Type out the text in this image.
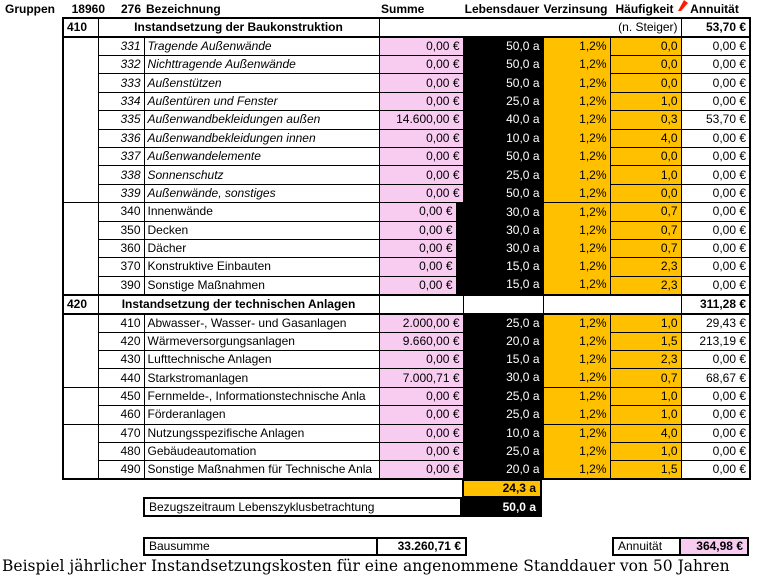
Gruppen	18960	276 Bezeichnung	Summe	Lebensdauer Verzinsung Häufigkeit	Annuität
410	Instandsetzung der Baukonstruktion		(n. Steiger)					53,70 €
	331	Tragende Außenwände	0,00 €		50,0 a	1,2%	0,0	0,00 €
	332	Nichttragende Außenwände	0,00 €		50,0 a	1,2%	0,0	0,00 €
	333	Außenstützen	0,00 €		50,0 a	1,2%	0,0	0,00 €
	334	Außentüren und Fenster	0,00 €		25,0 a	1,2%	1,0	0,00 €
	335	Außenwandbekleidungen außen	14.600,00 €		40,0 a	1,2%	0,3	53,70 €
	336	Außenwandbekleidungen innen	0,00 €		10,0 a	1,2%	4,0	0,00 €
	337	Außenwandelemente	0,00 €		50,0 a	1,2%	0,0	0,00 €
	338	Sonnenschutz	0,00 €		25,0 a	1,2%	1,0	0,00 €
	339	Außenwände, sonstiges	0,00 €		50,0 a	1,2%	0,0	0,00 €
	340	Innenwände	0,00 €	30,0 a		1,2%	0,7	0,00 €
	350	Decken	0,00 €	30,0 a		1,2%	0,7	0,00 €
	360	Dächer	0,00 €	30,0 a		1,2%	0,7	0,00 €
	370	Konstruktive Einbauten	0,00 €	15,0 a		1,2%	2,3	0,00 €
	390	Sonstige Maßnahmen	0,00 €	15,0 a		1,2%	2,3	0,00 €
420	Instandsetzung der technischen Anlagen							311,28 €
	410	Abwasser-, Wasser- und Gasanlagen	2.000,00 €		25,0 a	1,2%	1,0	29,43 €
	420	Wärmeversorgungsanlagen	9.660,00 €		20,0 a	1,2%	1,5	213,19 €
	430	Lufttechnische Anlagen	0,00 €		15,0 a	1,2%	2,3	0,00 €
	440	Starkstromanlagen	7.000,71 €		30,0 a	1,2%	0,7	68,67 €
	450	Fernmelde-, Informationstechnische Anla	0,00 €		25,0 a	1,2%	1,0	0,00 €
	460	Förderanlagen	0,00 €		25,0 a	1,2%	1,0	0,00 €
	470	Nutzungsspezifische Anlagen	0,00 €		10,0 a	1,2%	4,0	0,00 €
	480	Gebäudeautomation	0,00 €		25,0 a	1,2%	1,0	0,00 €
	490	Sonstige Maßnahmen für Technische Anla	0,00 €		20,0 a	1,2%	1,5	0,00 €
24,3 a
Bezugszeitraum Lebenszyklusbetrachtung	50,0 a
Bausumme	33.260,71 €	Annuität	364,98 €
Beispiel jährlicher Instandsetzungskosten für eine angenommene Standdauer von 50 Jahren
